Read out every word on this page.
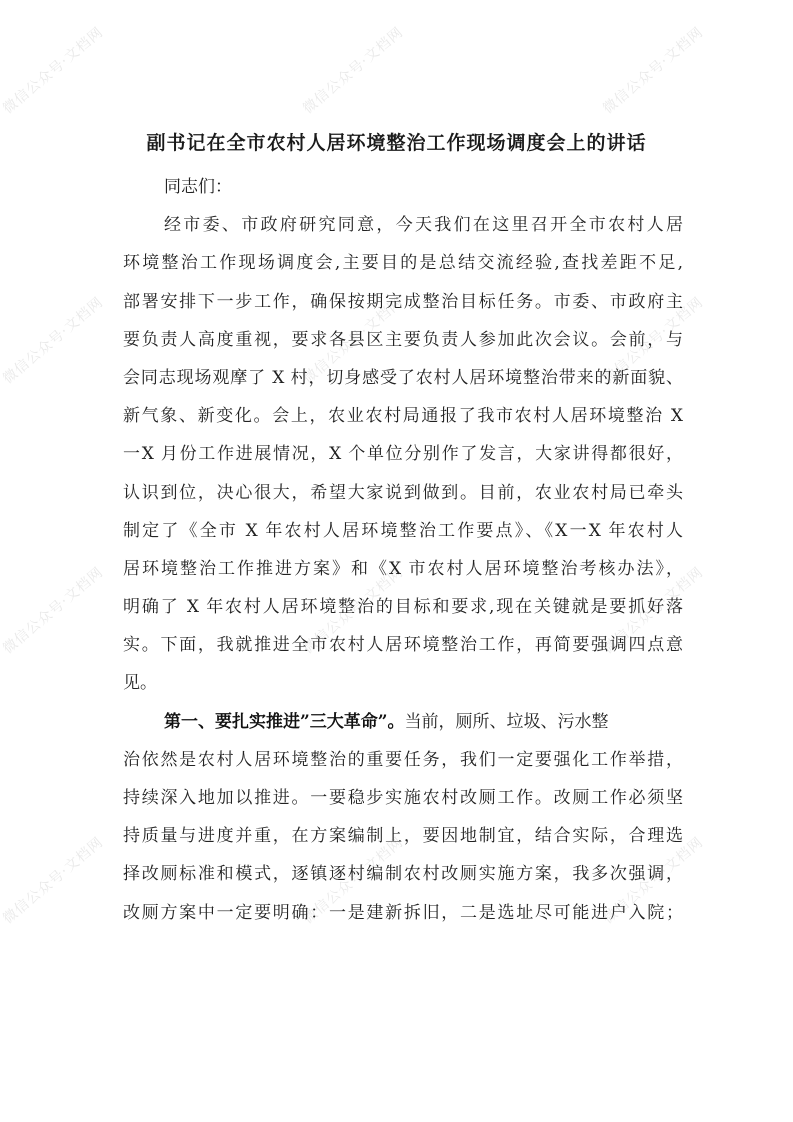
微信公众号·文档网	微信公众号·文档网	微信公众号·文档网
微信公众号·文档网	微信公众号·文档网	微信公众号·文档网
微信公众号·文档网	微信公众号·文档网	微信公众号·文档网
微信公众号·文档网	微信公众号·文档网	微信公众号·文档网
副书记在全市农村人居环境整治工作现场调度会上的讲话
同志们：
经市委、市政府研究同意，今天我们在这里召开全市农村人居
环境整治工作现场调度会,主要目的是总结交流经验,查找差距不足,
部署安排下一步工作，确保按期完成整治目标任务。市委、市政府主
要负责人高度重视，要求各县区主要负责人参加此次会议。会前，与
会同志现场观摩了 X 村，切身感受了农村人居环境整治带来的新面貌、
新气象、新变化。会上，农业农村局通报了我市农村人居环境整治 X
一X 月份工作进展情况，X 个单位分别作了发言，大家讲得都很好，
认识到位，决心很大，希望大家说到做到。目前，农业农村局已牵头
制定了《全市 X 年农村人居环境整治工作要点》、《X一X 年农村人
居环境整治工作推进方案》和《X 市农村人居环境整治考核办法》，
明确了 X 年农村人居环境整治的目标和要求,现在关键就是要抓好落
实。下面，我就推进全市农村人居环境整治工作，再简要强调四点意
见。
第一、要扎实推进”三大革命”。当前，厕所、垃圾、污水整
治依然是农村人居环境整治的重要任务，我们一定要强化工作举措，
持续深入地加以推进。一要稳步实施农村改厕工作。改厕工作必须坚
持质量与进度并重，在方案编制上，要因地制宜，结合实际，合理选
择改厕标准和模式，逐镇逐村编制农村改厕实施方案，我多次强调，
改厕方案中一定要明确：一是建新拆旧，二是选址尽可能进户入院；
